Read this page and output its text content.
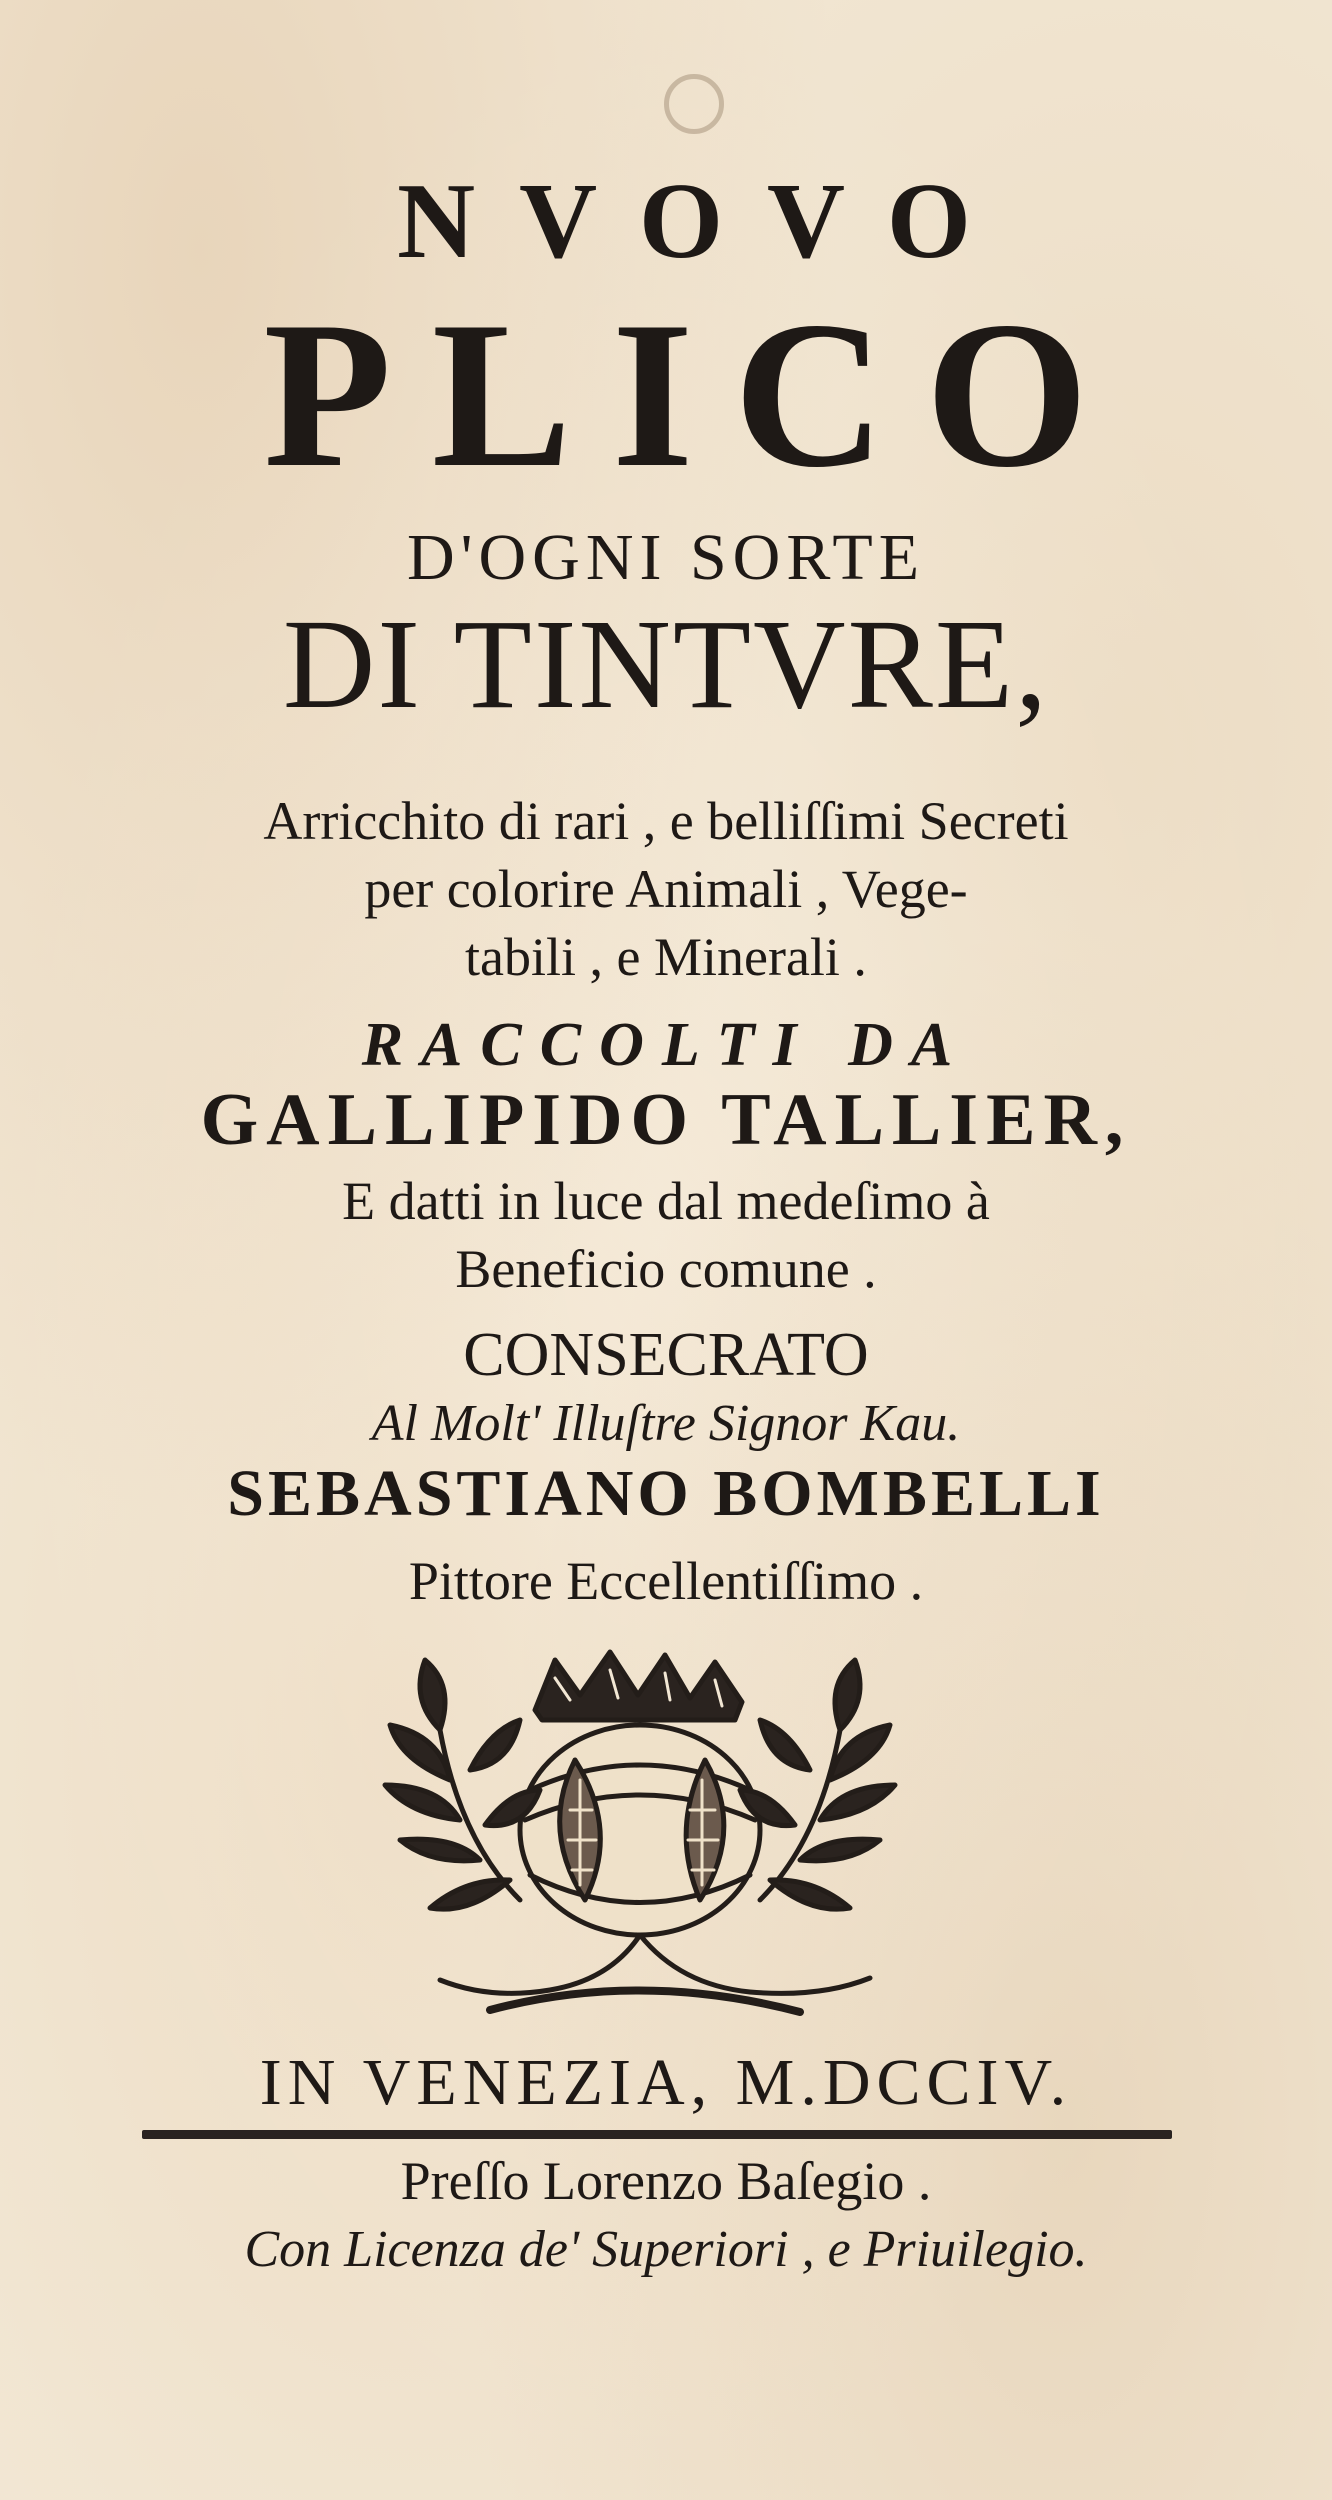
NVOVO
PLICO
D'OGNI SORTE
DI TINTVRE,
Arricchito di rari , e belliſſimi Secreti
per colorire Animali , Vege-
tabili , e Minerali .
RACCOLTI DA
GALLIPIDO TALLIER,
E datti in luce dal medeſimo à
Beneficio comune .
CONSECRATO
Al Molt' Illuſtre Signor Kau.
SEBASTIANO BOMBELLI
Pittore Eccellentiſſimo .
IN VENEZIA, M.DCCIV.
Preſſo Lorenzo Baſegio .
Con Licenza de' Superiori , e Priuilegio.
